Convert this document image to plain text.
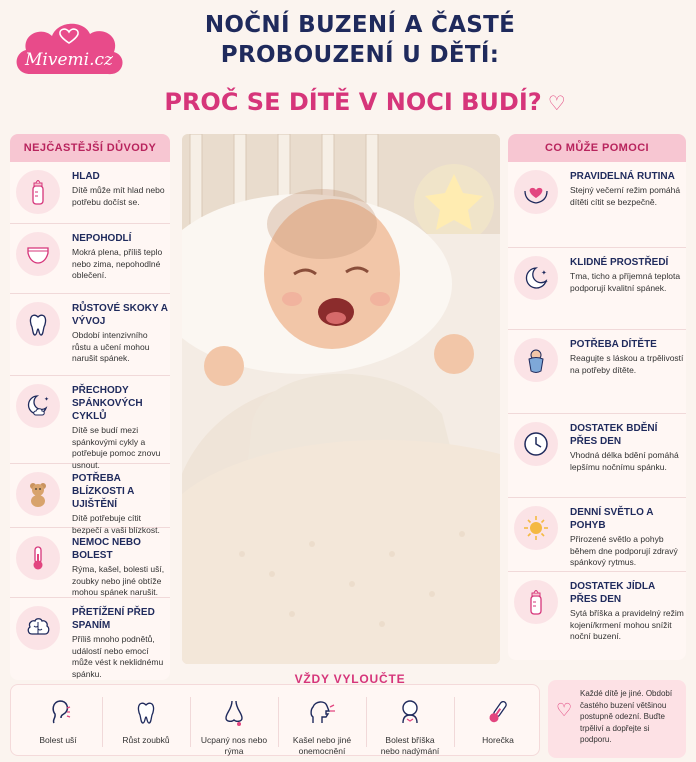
Mivemi.cz
NOČNÍ BUZENÍ A ČASTÉ
PROBOUZENÍ U DĚTÍ:
PROČ SE DÍTĚ V NOCI BUDÍ? ♡
NEJČASTĚJŠÍ DŮVODY
HLAD
Dítě může mít hlad nebo potřebu dočíst se.
NEPOHODLÍ
Mokrá plena, příliš teplo nebo zima, nepohodlné oblečení.
RŮSTOVÉ SKOKY A VÝVOJ
Období intenzivního růstu a učení mohou narušit spánek.
✦
PŘECHODY SPÁNKOVÝCH CYKLŮ
Dítě se budí mezi spánkovými cykly a potřebuje pomoc znovu usnout.
POTŘEBA BLÍZKOSTI A UJIŠTĚNÍ
Dítě potřebuje cítit bezpečí a vaši blízkost.
NEMOC NEBO BOLEST
Rýma, kašel, bolesti uší, zoubky nebo jiné obtíže mohou spánek narušit.
PŘETÍŽENÍ PŘED SPANÍM
Příliš mnoho podnětů, událostí nebo emocí může vést k neklidnému spánku.
CO MŮŽE POMOCI
PRAVIDELNÁ RUTINA
Stejný večerní režim pomáhá dítěti cítit se bezpečně.
✦
✦
KLIDNÉ PROSTŘEDÍ
Tma, ticho a příjemná teplota podporují kvalitní spánek.
POTŘEBA DÍTĚTE
Reagujte s láskou a trpělivostí na potřeby dítěte.
DOSTATEK BDĚNÍ PŘES DEN
Vhodná délka bdění pomáhá lepšímu nočnímu spánku.
DENNÍ SVĚTLO A POHYB
Přirozené světlo a pohyb během dne podporují zdravý spánkový rytmus.
DOSTATEK JÍDLA PŘES DEN
Sytá bříška a pravidelný režim kojení/krmení mohou snížit noční buzení.
Bolest uší	Růst zoubků	Ucpaný nos nebo rýma
Kašel nebo jiné onemocnění
Bolest bříška nebo nadýmání
Horečka
VŽDY VYLOUČTE
♡
Každé dítě je jiné. Období častého buzení většinou postupně odezní. Buďte trpěliví a dopřejte si podporu.
